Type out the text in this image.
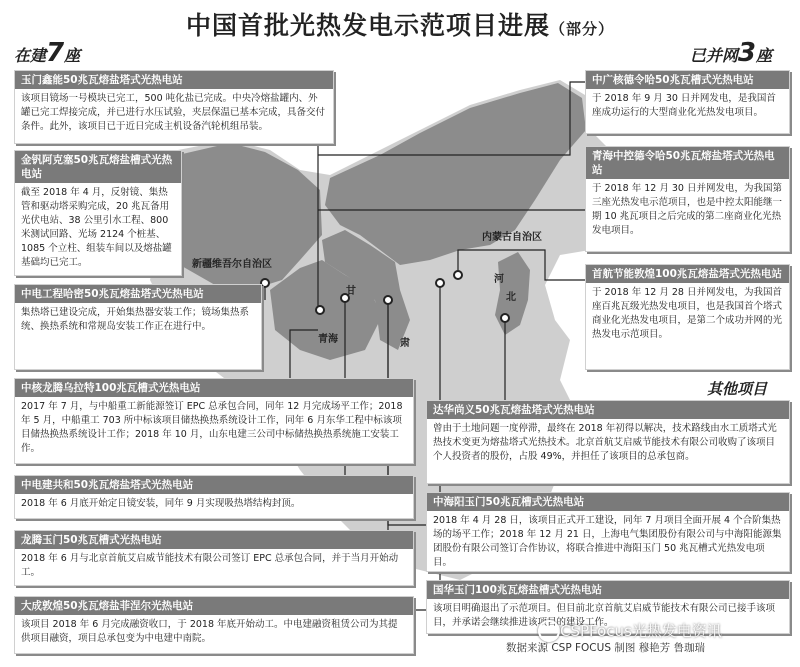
新疆维吾尔自治区
内蒙古自治区
青海
甘
肃
河
北
中国首批光热发电示范项目进展（部分）
在建7座	已并网3座
其他项目
玉门鑫能50兆瓦熔盐塔式光热电站
该项目镜场一号模块已完工，500 吨化盐已完成。中央冷熔盐罐内、外罐已完工焊接完成，并已进行水压试验，夹层保温已基本完成，具备交付条件。此外，该项目已于近日完成主机设备汽轮机组吊装。
金钒阿克塞50兆瓦熔盐槽式光热电站
截至 2018 年 4 月，反射镜、集热管和驱动塔采购完成，20 兆瓦备用光伏电站、38 公里引水工程、800 米测试回路、光场 2124 个桩基、1085 个立柱、组装车间以及熔盐罐基础均已完工。
中电工程哈密50兆瓦熔盐塔式光热电站
集热塔已建设完成，开始集热器安装工作；镜场集热系统、换热系统和常规岛安装工作正在进行中。
中核龙腾乌拉特100兆瓦槽式光热电站
2017 年 7 月，与中船重工新能源签订 EPC 总承包合同，同年 12 月完成场平工作；2018 年 5 月，中船重工 703 所中标该项目储热换热系统设计工作，同年 6 月东华工程中标该项目储热换热系统设计工作；2018 年 10 月，山东电建三公司中标储热换热系统施工安装工作。
中电建共和50兆瓦熔盐塔式光热电站
2018 年 6 月底开始定日镜安装，同年 9 月实现吸热塔结构封顶。
龙腾玉门50兆瓦槽式光热电站
2018 年 6 月与北京首航艾启威节能技术有限公司签订 EPC 总承包合同，并于当月开始动工。
大成敦煌50兆瓦熔盐菲涅尔光热电站
该项目 2018 年 6 月完成融资收口，于 2018 年底开始动工。中电建融资租赁公司为其提供项目融资，项目总承包变为中电建中南院。
中广核德令哈50兆瓦槽式光热电站
于 2018 年 9 月 30 日并网发电，是我国首座成功运行的大型商业化光热发电项目。
青海中控德令哈50兆瓦熔盐塔式光热电站
于 2018 年 12 月 30 日并网发电，为我国第三座光热发电示范项目，也是中控太阳能继一期 10 兆瓦项目之后完成的第二座商业化光热发电项目。
首航节能敦煌100兆瓦熔盐塔式光热电站
于 2018 年 12 月 28 日并网发电，为我国首座百兆瓦级光热发电项目，也是我国首个塔式商业化光热发电项目，是第二个成功并网的光热发电示范项目。
达华尚义50兆瓦熔盐塔式光热电站
曾由于土地问题一度停滞，最终在 2018 年初得以解决，技术路线由水工质塔式光热技术变更为熔盐塔式光热技术。北京首航艾启威节能技术有限公司收购了该项目个人投资者的股份，占股 49%，并担任了该项目的总承包商。
中海阳玉门50兆瓦槽式光热电站
2018 年 4 月 28 日，该项目正式开工建设，同年 7 月项目全面开展 4 个合阶集热场的场平工作；2018 年 12 月 21 日，上海电气集团股份有限公司与中海阳能源集团股份有限公司签订合作协议，将联合推进中海阳玉门 50 兆瓦槽式光热发电项目。
国华玉门100兆瓦熔盐槽式光热电站
该项目明确退出了示范项目。但目前北京首航艾启威节能技术有限公司已接手该项目，并承诺会继续推进该项目的建设工作。
CSPFocus光热发电资讯
数据来源 CSP FOCUS 制图 穆艳芳 鲁珈瑞
